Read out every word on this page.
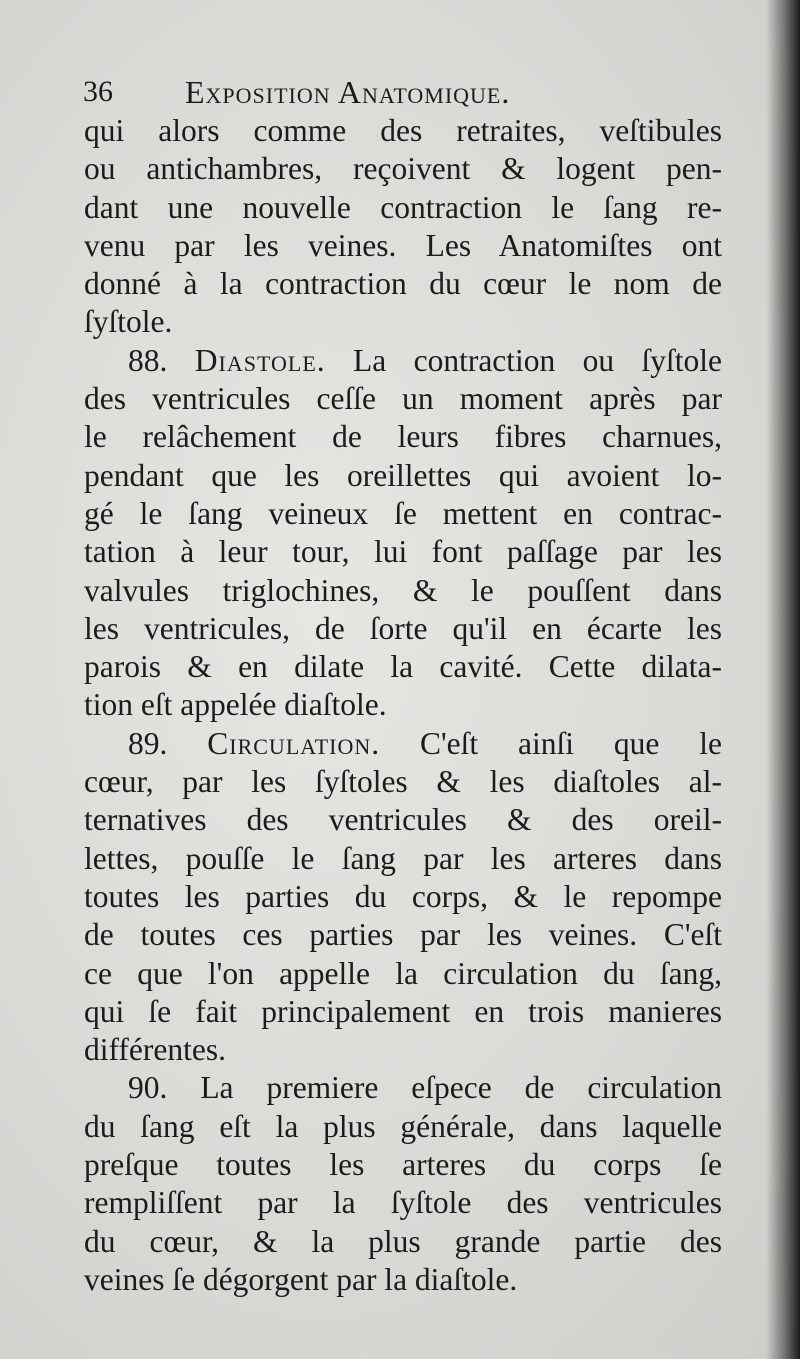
36 Exposition Anatomique.
qui alors comme des retraites, veſtibules
ou antichambres, reçoivent & logent pen-
dant une nouvelle contraction le ſang re-
venu par les veines. Les Anatomiſtes ont
donné à la contraction du cœur le nom de
ſyſtole.
88. Diastole. La contraction ou ſyſtole
des ventricules ceſſe un moment après par
le relâchement de leurs fibres charnues,
pendant que les oreillettes qui avoient lo-
gé le ſang veineux ſe mettent en contrac-
tation à leur tour, lui font paſſage par les
valvules triglochines, & le pouſſent dans
les ventricules, de ſorte qu'il en écarte les
parois & en dilate la cavité. Cette dilata-
tion eſt appelée diaſtole.
89. Circulation. C'eſt ainſi que le
cœur, par les ſyſtoles & les diaſtoles al-
ternatives des ventricules & des oreil-
lettes, pouſſe le ſang par les arteres dans
toutes les parties du corps, & le repompe
de toutes ces parties par les veines. C'eſt
ce que l'on appelle la circulation du ſang,
qui ſe fait principalement en trois manieres
différentes.
90. La premiere eſpece de circulation
du ſang eſt la plus générale, dans laquelle
preſque toutes les arteres du corps ſe
rempliſſent par la ſyſtole des ventricules
du cœur, & la plus grande partie des
veines ſe dégorgent par la diaſtole.
